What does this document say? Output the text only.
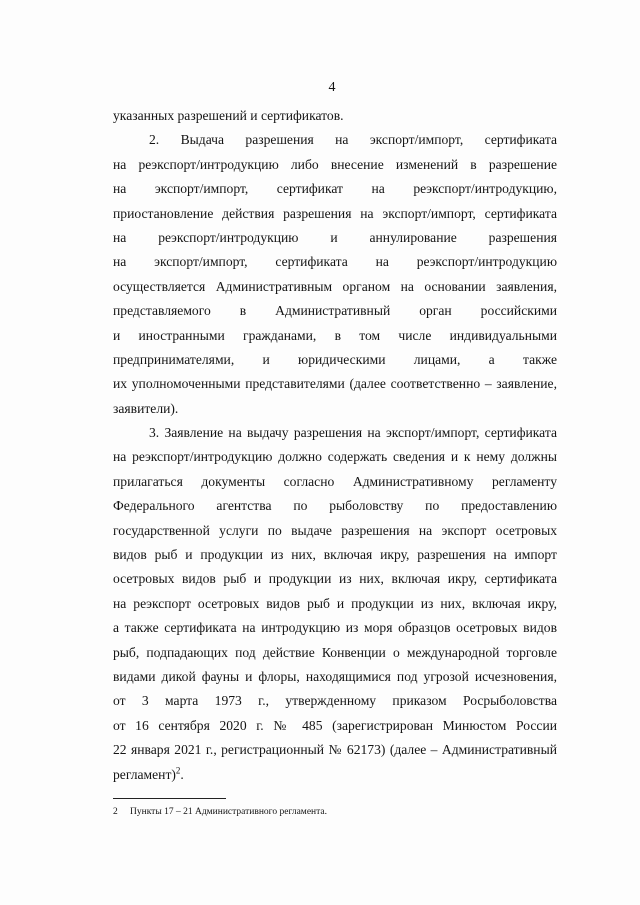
4
указанных разрешений и сертификатов.
2. Выдача разрешения на экспорт/импорт, сертификата
на реэкспорт/интродукцию либо внесение изменений в разрешение
на экспорт/импорт, сертификат на реэкспорт/интродукцию,
приостановление действия разрешения на экспорт/импорт, сертификата
на реэкспорт/интродукцию и аннулирование разрешения
на экспорт/импорт, сертификата на реэкспорт/интродукцию
осуществляется Административным органом на основании заявления,
представляемого в Административный орган российскими
и иностранными гражданами, в том числе индивидуальными
предпринимателями, и юридическими лицами, а также
их уполномоченными представителями (далее соответственно – заявление,
заявители).
3. Заявление на выдачу разрешения на экспорт/импорт, сертификата
на реэкспорт/интродукцию должно содержать сведения и к нему должны
прилагаться документы согласно Административному регламенту
Федерального агентства по рыболовству по предоставлению
государственной услуги по выдаче разрешения на экспорт осетровых
видов рыб и продукции из них, включая икру, разрешения на импорт
осетровых видов рыб и продукции из них, включая икру, сертификата
на реэкспорт осетровых видов рыб и продукции из них, включая икру,
а также сертификата на интродукцию из моря образцов осетровых видов
рыб, подпадающих под действие Конвенции о международной торговле
видами дикой фауны и флоры, находящимися под угрозой исчезновения,
от 3 марта 1973 г., утвержденному приказом Росрыболовства
от 16 сентября 2020 г. № 485 (зарегистрирован Минюстом России
22 января 2021 г., регистрационный № 62173) (далее – Административный
регламент)$^2$.
2 Пункты 17 – 21 Административного регламента.
